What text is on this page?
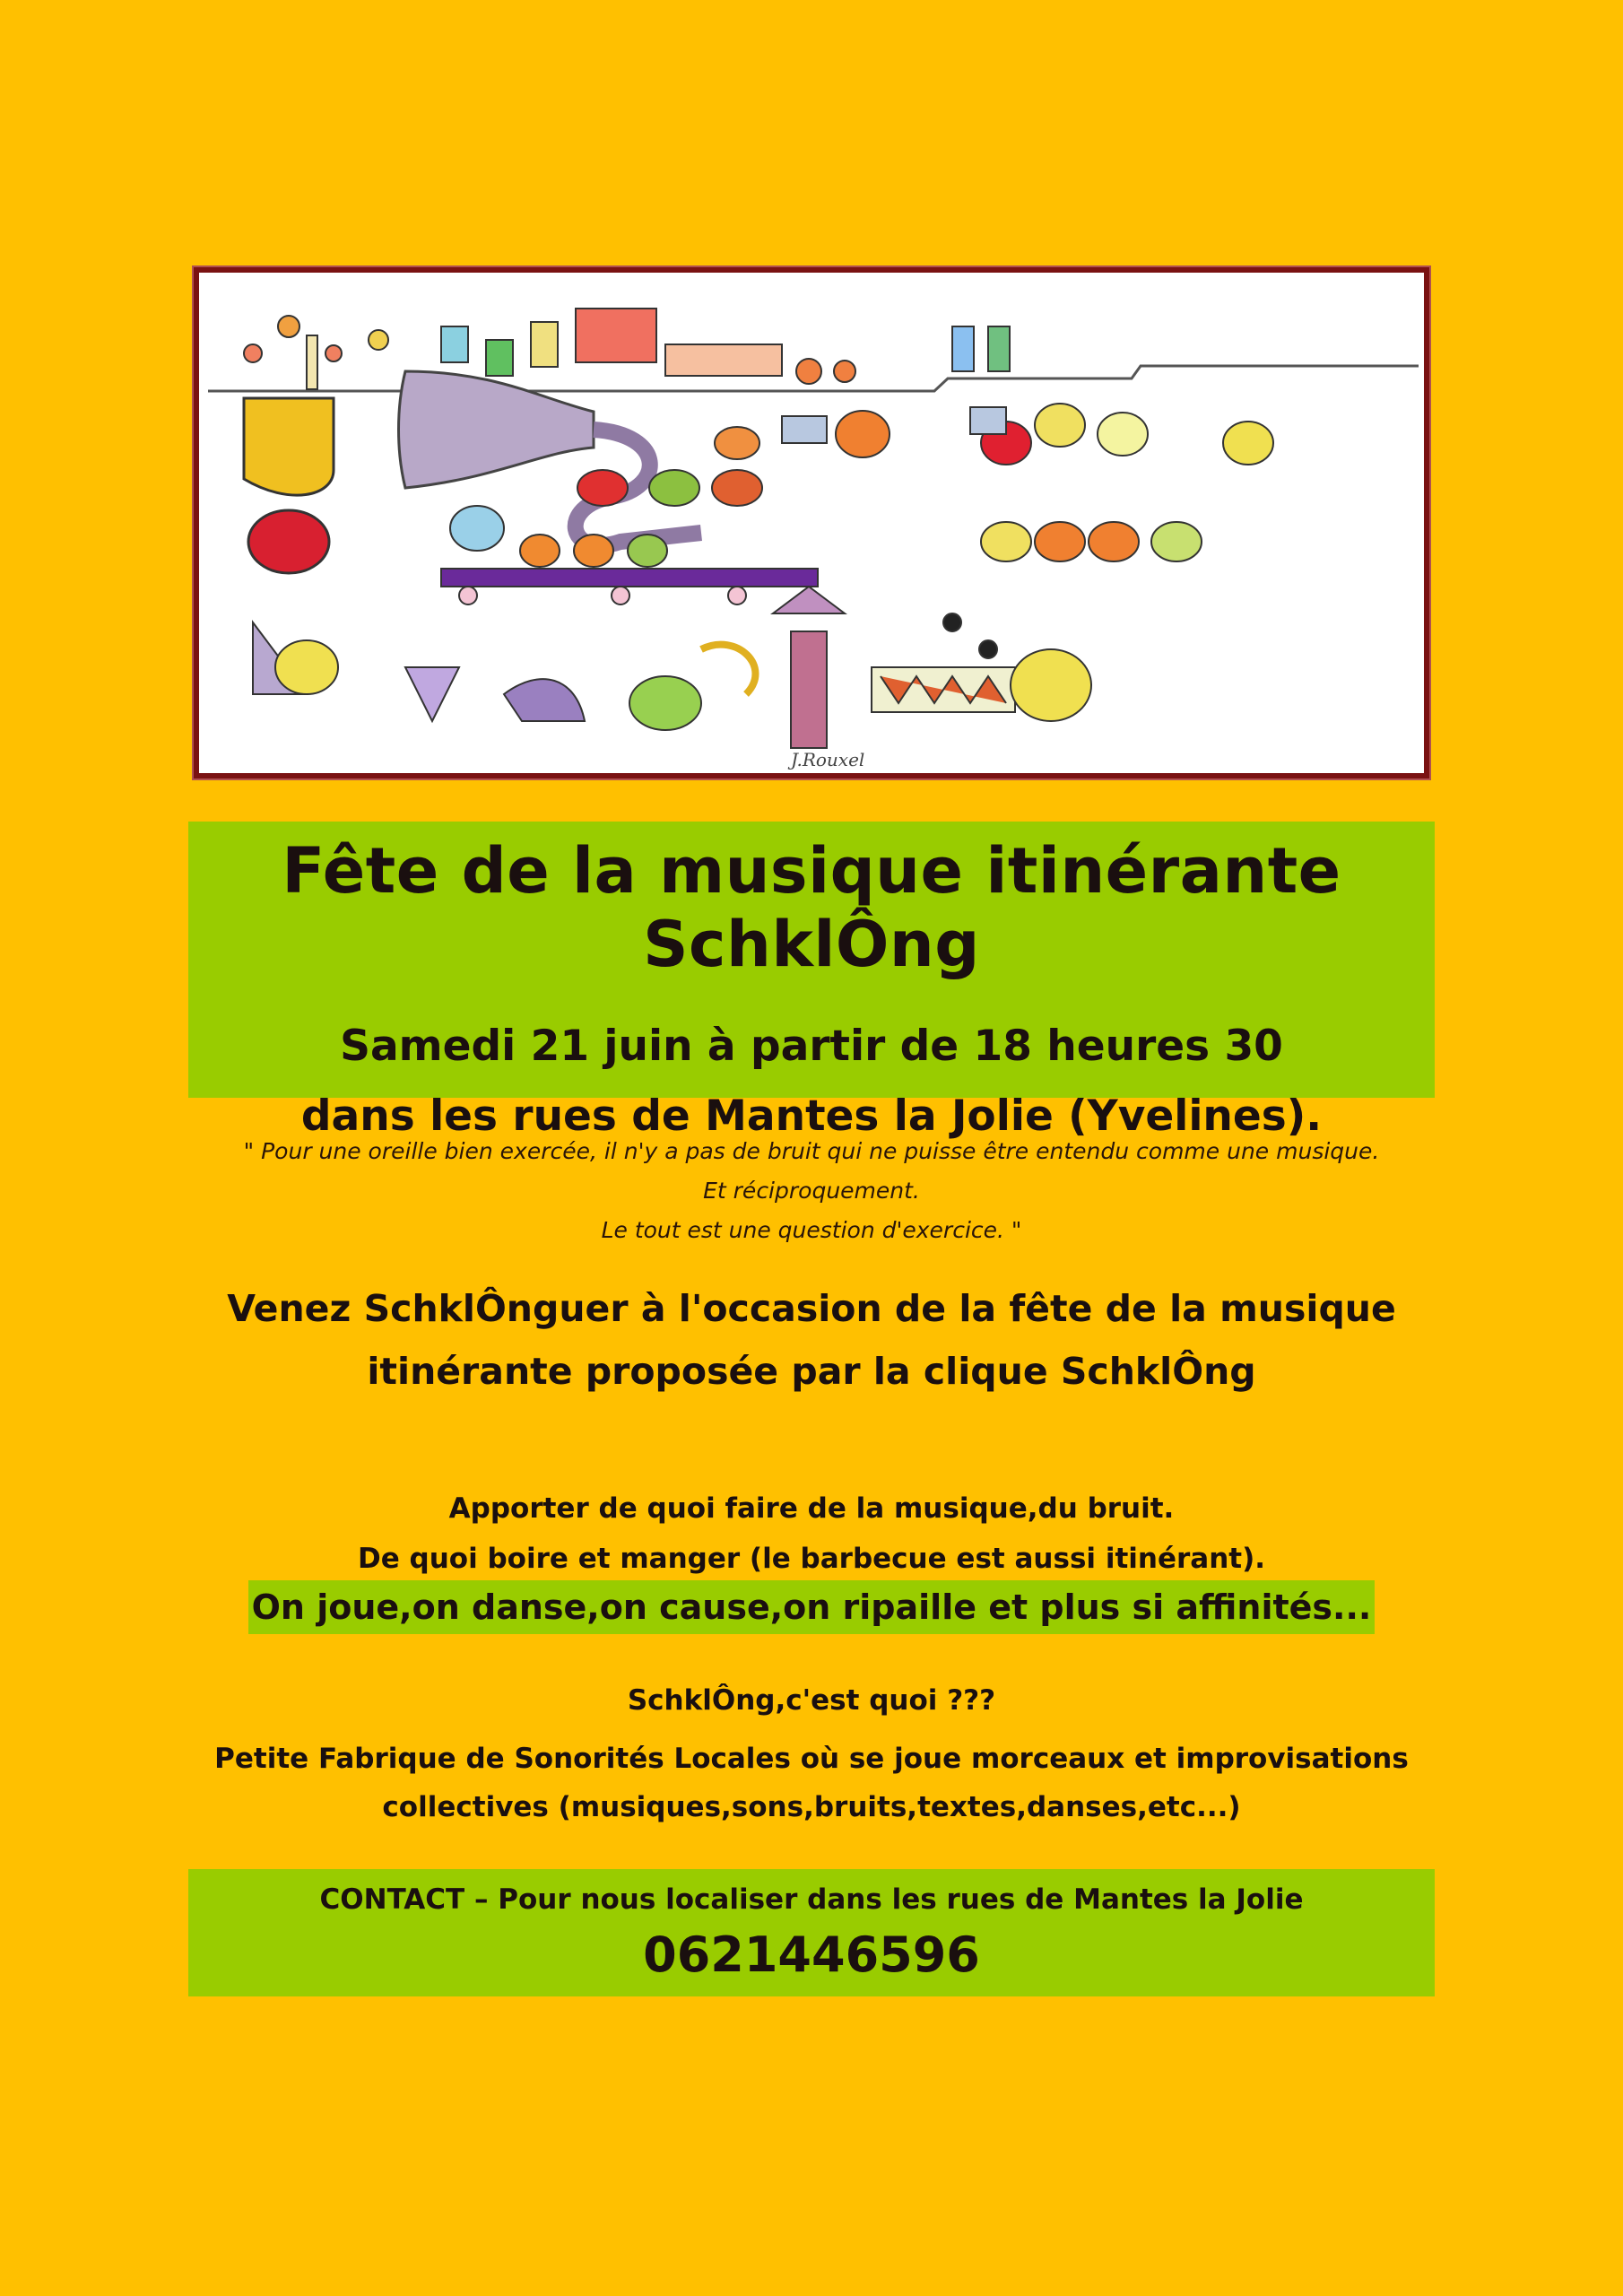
J.Rouxel
Fête de la musique itinérante SchklÔng
Samedi 21 juin à partir de 18 heures 30
dans les rues de Mantes la Jolie (Yvelines).
" Pour une oreille bien exercée, il n'y a pas de bruit qui ne puisse être entendu comme une musique.
Et réciproquement.
Le tout est une question d'exercice. "
Venez SchklÔnguer à l'occasion de la fête de la musique
itinérante proposée par la clique SchklÔng
Apporter de quoi faire de la musique,du bruit.
De quoi boire et manger (le barbecue est aussi itinérant).
On joue,on danse,on cause,on ripaille et plus si affinités...
SchklÔng,c'est quoi ???
Petite Fabrique de Sonorités Locales où se joue morceaux et improvisations
collectives (musiques,sons,bruits,textes,danses,etc...)
CONTACT – Pour nous localiser dans les rues de Mantes la Jolie
0621446596
